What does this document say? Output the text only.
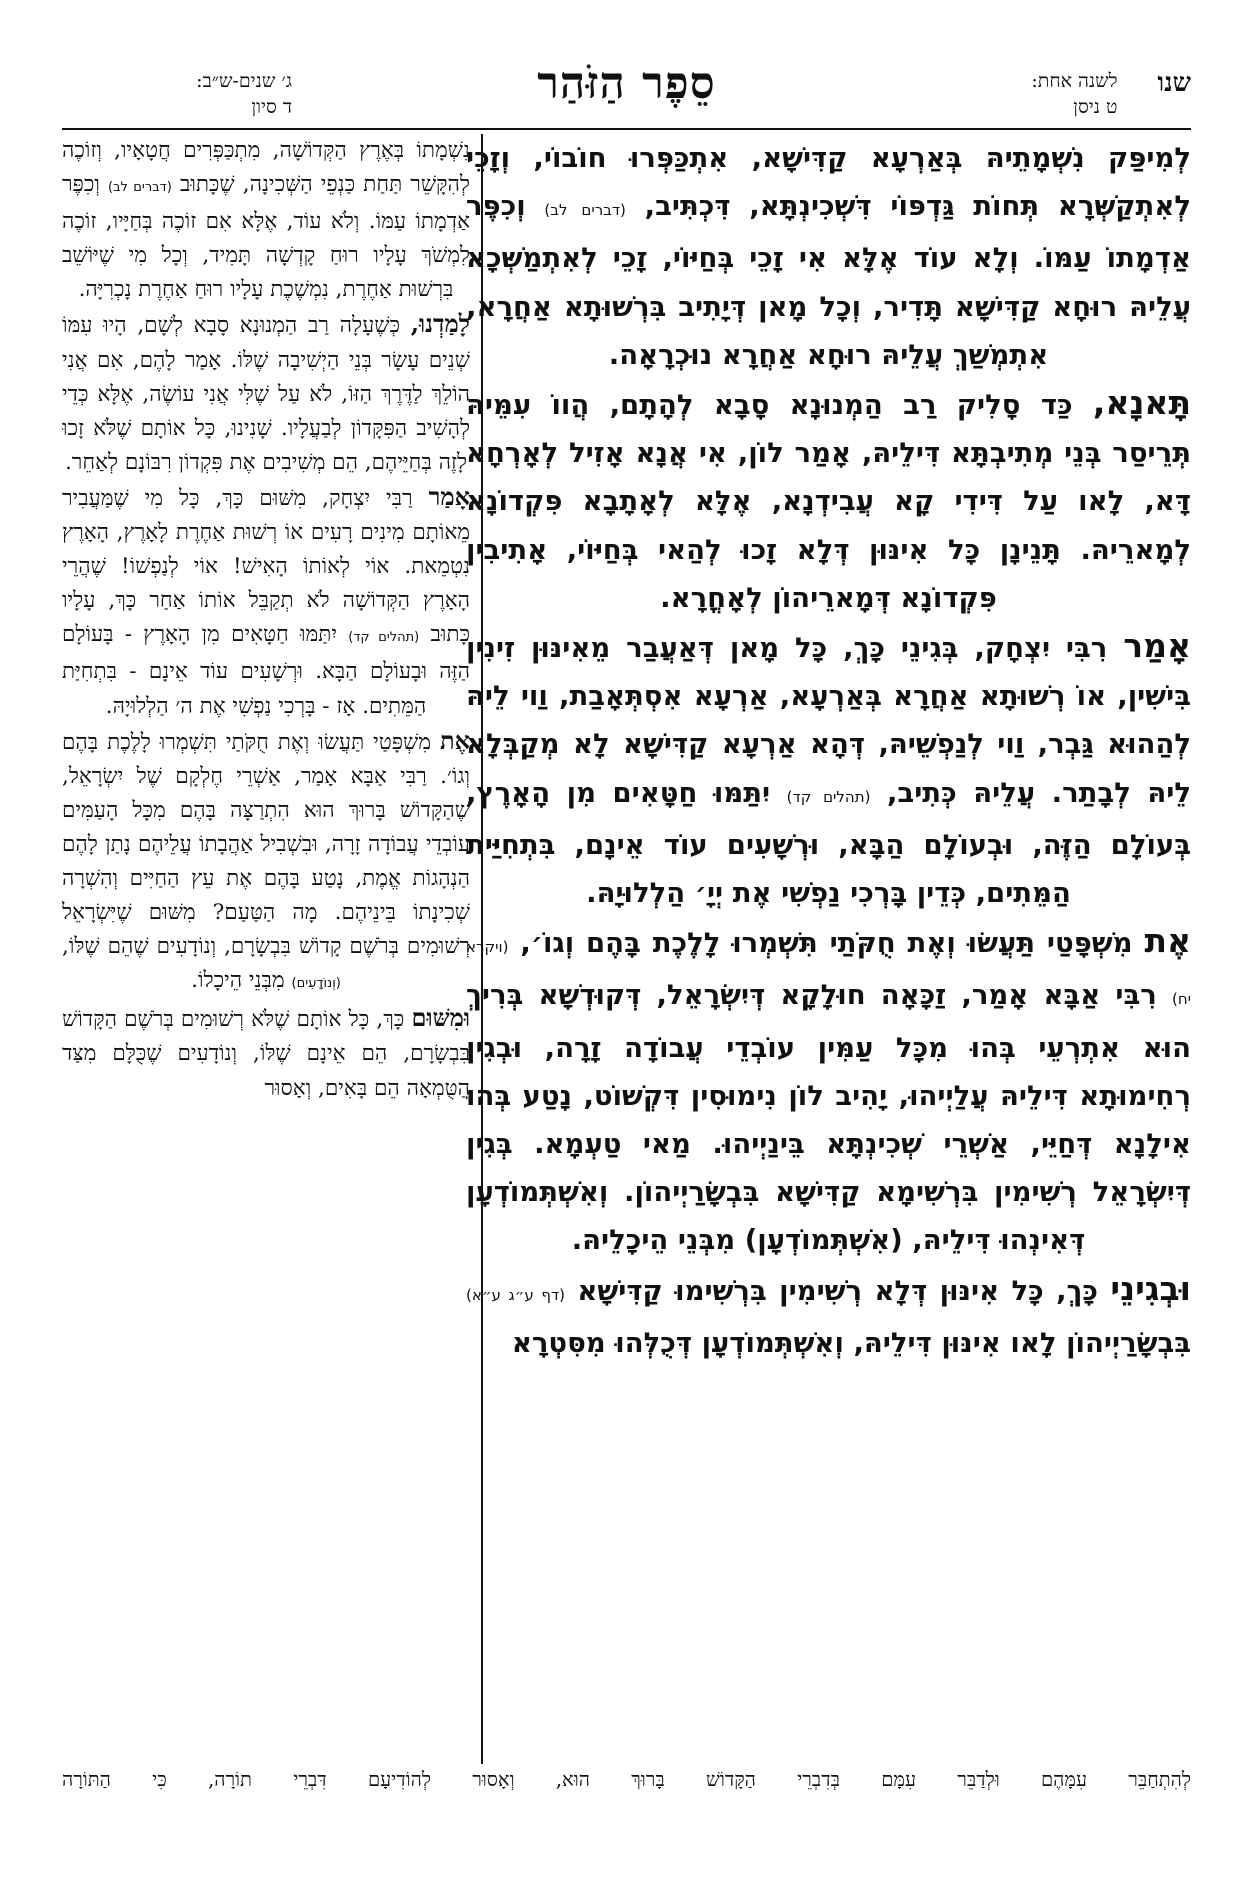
שנו
לשנה אחת:
ט ניסן
סֵפֶר הַזֹּהַר
ג׳ שנים-ש״ב:
ד סיון

לְמִיפַּק נִשְׁמָתֵיהּ בְּאַרְעָא קַדִּישָׁא, אִתְכַּפְּרוּ חוֹבוֹי, וְזָכֵי לְאִתְקַשְּׁרָא תְּחוֹת גַּדְפּוֹי דִּשְׁכִינְתָּא, דִּכְתִּיב, (דברים לב) וְכִפֶּר אַדְמָתוֹ עַמּוֹ. וְלָא עוֹד אֶלָּא אִי זָכֵי בְּחַיּוֹי, זָכֵי לְאִתְמַשְּׁכָא עֲלֵיהּ רוּחָא קַדִּישָׁא תָּדִיר, וְכָל מָאן דְּיָתִיב בִּרְשׁוּתָא אַחֲרָא, אִתְמְשַׁךְ עֲלֵיהּ רוּחָא אַחֲרָא נוּכְרָאָה.

תָּאנָא, כַּד סָלִיק רַב הַמְנוּנָא סָבָא לְהָתָם, הֲווֹ עִמֵּיהּ תְּרֵיסַר בְּנֵי מְתִיבְתָּא דִּילֵיהּ, אָמַר לוֹן, אִי אֲנָא אָזִיל לְאָרְחָא דָּא, לָאו עַל דִּידִי קָא עֲבִידְנָא, אֶלָּא לְאָתָבָא פִּקְדוֹנָא לְמָארֵיהּ. תָּנֵינָן כָּל אִינּוּן דְּלָא זָכוּ לְהַאי בְּחַיּוֹי, אָתִיבִין פִּקְדוֹנָא דְּמָארֵיהוֹן לְאָחֳרָא.

אָמַר רִבִּי יִצְחָק, בְּגִינֵי כָּךְ, כָּל מָאן דְּאַעֲבַר מֵאִינּוּן זִינִין בִּישִׁין, אוֹ רְשׁוּתָא אַחֲרָא בְּאַרְעָא, אַרְעָא אִסְתְּאָבַת, וַוי לֵיהּ לְהַהוּא גַּבְר, וַוי לְנַפְשֵׁיהּ, דְּהָא אַרְעָא קַדִּישָׁא לָא מְקַבְּלָא לֵיהּ לְבָתַר. עֲלֵיהּ כְּתִיב, (תהלים קד) יִתַּמּוּ חַטָּאִים מִן הָאָרֶץ, בְּעוֹלָם הַזֶּה, וּבְעוֹלָם הַבָּא, וּרְשָׁעִים עוֹד אֵינָם, בִּתְחִיַּית הַמֵּתִים, כְּדֵין בָּרְכִי נַפְשִׁי אֶת יְיָ׳ הַלְלוּיָהּ.

אֶת מִשְׁפָּטַי תַּעֲשׂוּ וְאֶת חֻקֹּתַי תִּשְׁמְרוּ לָלֶכֶת בָּהֶם וְגוֹ׳, (ויקרא יח) רִבִּי אַבָּא אָמַר, זַכָּאָה חוּלָקָא דְּיִשְׂרָאֵל, דְּקוּדְשָׁא בְּרִיךְ הוּא אִתְרְעֵי בְּהוּ מִכָּל עַמִּין עוֹבְדֵי עֲבוֹדָה זָרָה, וּבְגִין רְחִימוּתָא דִּילֵיהּ עֲלַיְיהוּ, יָהִיב לוֹן נִימוּסִין דִּקְשׁוֹט, נָטַע בְּהוּ אִילָנָא דְּחַיֵּי, אַשְׁרֵי שְׁכִינְתָּא בֵּינַיְיהוּ. מַאי טַעְמָא. בְּגִין דְּיִשְׂרָאֵל רְשִׁימִין בִּרְשִׁימָא קַדִּישָׁא בִּבְשָׂרַיְיהוֹן. וְאִשְׁתְּמוֹדְעָן דְּאִינְהוּ דִּילֵיהּ, (אִשְׁתְּמוֹדְעָן) מִבְּנֵי הֵיכָלֵיהּ.

וּבְגִינֵי כָּךְ, כָּל אִינּוּן דְּלָא רְשִׁימִין בִּרְשִׁימוּ קַדִּישָׁא (דף ע״ג ע״א) בִּבְשָׂרַיְיהוֹן לָאו אִינּוּן דִּילֵיהּ, וְאִשְׁתְּמוֹדְעָן דְּכֻלְּהוּ מִסִּטְרָא

נִשְׁמָתוֹ בְּאֶרֶץ הַקְּדוֹשָׁה, מִתְכַּפְּרִים חֲטָאָיו, וְזוֹכֶה לְהִקָּשֵׁר תַּחַת כַּנְפֵי הַשְּׁכִינָה, שֶׁכָּתוּב (דברים לב) וְכִפֶּר אַדְמָתוֹ עַמּוֹ. וְלֹא עוֹד, אֶלָּא אִם זוֹכֶה בְּחַיָּיו, זוֹכֶה לִמְשֹׁךְ עָלָיו רוּחַ קָדְשָׁה תָּמִיד, וְכָל מִי שֶׁיּוֹשֵׁב בִּרְשׁוּת אַחֶרֶת, נִמְשֶׁכֶת עָלָיו רוּחַ אַחֶרֶת נָכְרִיָּה.

לָמַדְנוּ, כְּשֶׁעָלָה רַב הַמְנוּנָא סָבָא לְשָׁם, הָיוּ עִמּוֹ שְׁנֵים עָשָׂר בְּנֵי הַיְשִׁיבָה שֶׁלּוֹ. אָמַר לָהֶם, אִם אֲנִי הוֹלֵךְ לַדֶּרֶךְ הַזּוֹ, לֹא עַל שֶׁלִּי אֲנִי עוֹשֶׂה, אֶלָּא כְּדֵי לְהָשִׁיב הַפִּקָּדוֹן לְבַעֲלָיו. שָׁנִינוּ, כָּל אוֹתָם שֶׁלֹּא זָכוּ לָזֶה בְּחַיֵּיהֶם, הֵם מְשִׁיבִים אֶת פִּקְדוֹן רִבּוֹנָם לְאַחֵר.

אָמַר רַבִּי יִצְחָק, מִשּׁוּם כָּךְ, כָּל מִי שֶׁמַּעֲבִיר מֵאוֹתָם מִינִים רָעִים אוֹ רְשׁוּת אַחֶרֶת לָאָרֶץ, הָאָרֶץ נִטְמֵאת. אוֹי לְאוֹתוֹ הָאִישׁ! אוֹי לְנַפְשׁוֹ! שֶׁהֲרֵי הָאָרֶץ הַקְּדוֹשָׁה לֹא תְקַבֵּל אוֹתוֹ אַחַר כָּךְ, עָלָיו כָּתוּב (תהלים קד) יִתַּמּוּ חַטָּאִים מִן הָאָרֶץ - בָּעוֹלָם הַזֶּה וּבָעוֹלָם הַבָּא. וּרְשָׁעִים עוֹד אֵינָם - בִּתְחִיַּת הַמֵּתִים. אָז - בָּרְכִי נַפְשִׁי אֶת ה׳ הַלְלוּיָהּ.

אֶת מִשְׁפָּטַי תַּעֲשׂוּ וְאֶת חֻקֹּתַי תִּשְׁמְרוּ לָלֶכֶת בָּהֶם וְגוֹ׳. רַבִּי אַבָּא אָמַר, אַשְׁרֵי חֶלְקָם שֶׁל יִשְׂרָאֵל, שֶׁהַקָּדוֹשׁ בָּרוּךְ הוּא הִתְרַצָּה בָּהֶם מִכָּל הָעַמִּים עוֹבְדֵי עֲבוֹדָה זָרָה, וּבִשְׁבִיל אַהֲבָתוֹ עֲלֵיהֶם נָתַן לָהֶם הַנְהָגוֹת אֱמֶת, נָטַע בָּהֶם אֶת עֵץ הַחַיִּים וְהִשְׁרָה שְׁכִינָתוֹ בֵּינֵיהֶם. מָה הַטַּעַם? מִשּׁוּם שֶׁיִּשְׂרָאֵל רְשׁוּמִים בְּרֹשֶׁם קָדוֹשׁ בִּבְשָׂרָם, וְנוֹדָעִים שֶׁהֵם שֶׁלּוֹ, (וְנוֹדָעִים) מִבְּנֵי הֵיכָלוֹ.

וּמִשּׁוּם כָּךְ, כָּל אוֹתָם שֶׁלֹּא רְשׁוּמִים בְּרֹשֶׁם הַקָּדוֹשׁ בִּבְשָׂרָם, הֵם אֵינָם שֶׁלּוֹ, וְנוֹדָעִים שֶׁכֻּלָּם מִצַּד הַטֻּמְאָה הֵם בָּאִים, וְאָסוּר

לְהִתְחַבֵּר עִמָּהֶם וּלְדַבֵּר עִמָּם בְּדִבְרֵי הַקָּדוֹשׁ בָּרוּךְ הוּא, וְאָסוּר לְהוֹדִיעָם דִּבְרֵי תוֹרָה, כִּי הַתּוֹרָה
